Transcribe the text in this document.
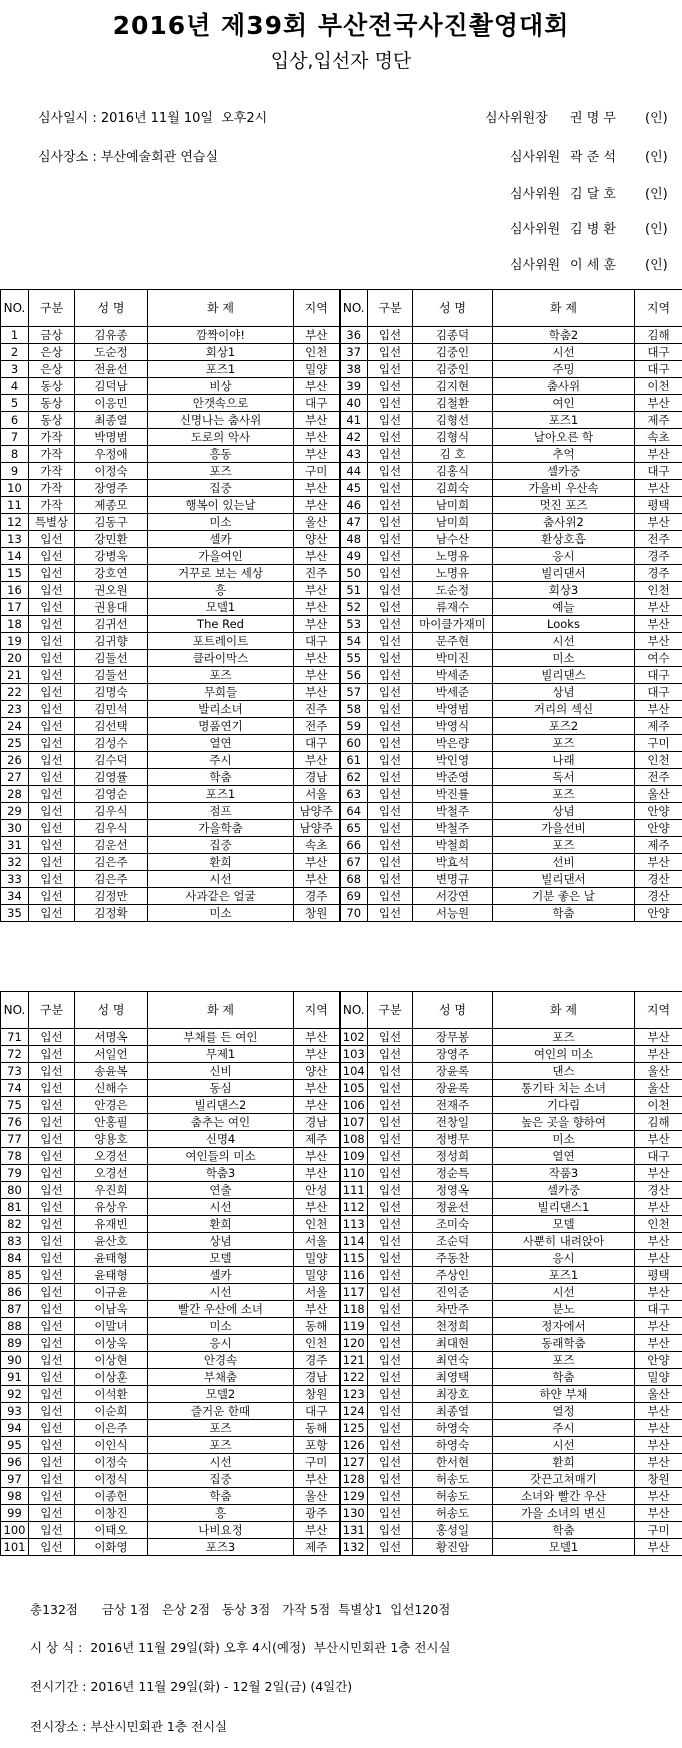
2016년 제39회 부산전국사진촬영대회
입상,입선자 명단
심사일시 : 2016년 11월 10일  오후2시
심사장소 : 부산예술회관 연습실
심사위원장 권 명 무 (인)
심사위원 곽 준 석 (인)
심사위원 김 달 호 (인)
심사위원 김 병 환 (인)
심사위원 이 세 훈 (인)
NO.	구분	성 명	화 제	지역	NO.	구분	성 명	화 제	지역
1	금상	김유종	깜짝이야!	부산	36	입선	김종덕	학춤2	김해
2	은상	도순정	회상1	인천	37	입선	김중인	시선	대구
3	은상	전윤선	포즈1	밀양	38	입선	김중인	주밍	대구
4	동상	김덕남	비상	부산	39	입선	김지현	춤사위	이천
5	동상	이응민	안갯속으로	대구	40	입선	김철환	여인	부산
6	동상	최종열	신명나는 춤사위	부산	41	입선	김형선	포즈1	제주
7	가작	박명범	도로의 악사	부산	42	입선	김형식	날아오른 학	속초
8	가작	우정애	흥동	부산	43	입선	김 호	추억	부산
9	가작	이정숙	포즈	구미	44	입선	김홍식	셀카중	대구
10	가작	장영주	집중	부산	45	입선	김희숙	가을비 우산속	부산
11	가작	제종모	행복이 있는날	부산	46	입선	남미희	멋진 포즈	평택
12	특별상	김동구	미소	울산	47	입선	남미희	춤사위2	부산
13	입선	강민환	셀카	양산	48	입선	남수산	환상호흡	전주
14	입선	강병욱	가을여인	부산	49	입선	노명유	응시	경주
15	입선	강호연	거꾸로 보는 세상	진주	50	입선	노명유	빌리댄서	경주
16	입선	권오원	흥	부산	51	입선	도순정	회상3	인천
17	입선	권용대	모델1	부산	52	입선	류재수	예늘	부산
18	입선	김귀선	The Red	부산	53	입선	마이클가재미	Looks	부산
19	입선	김귀향	포트레이트	대구	54	입선	문주현	시선	부산
20	입선	김둘선	클라이막스	부산	55	입선	박미진	미소	여수
21	입선	김둘선	포즈	부산	56	입선	박세준	빌리댄스	대구
22	입선	김명숙	무희들	부산	57	입선	박세준	상념	대구
23	입선	김민석	발리소녀	진주	58	입선	박영범	거리의 섹신	부산
24	입선	김선택	명품연기	전주	59	입선	박영식	포즈2	제주
25	입선	김성수	열연	대구	60	입선	박은량	포즈	구미
26	입선	김수덕	주시	부산	61	입선	박인영	나래	인천
27	입선	김영률	학춤	경남	62	입선	박준영	독서	전주
28	입선	김영순	포즈1	서울	63	입선	박진률	포즈	울산
29	입선	김우식	점프	남양주	64	입선	박철주	상념	안양
30	입선	김우식	가을학춤	남양주	65	입선	박철주	가을선비	안양
31	입선	김운선	집중	속초	66	입선	박철희	포즈	제주
32	입선	김은주	환희	부산	67	입선	박효석	선비	부산
33	입선	김은주	시선	부산	68	입선	변명규	빌리댄서	경산
34	입선	김정만	사과같은 얼굴	경주	69	입선	서강연	기분 좋은 날	경산
35	입선	김정확	미소	창원	70	입선	서능원	학춤	안양
NO.	구분	성 명	화 제	지역	NO.	구분	성 명	화 제	지역
71	입선	서명옥	부채를 든 여인	부산	102	입선	장무봉	포즈	부산
72	입선	서일언	무제1	부산	103	입선	장영주	여인의 미소	부산
73	입선	송윤복	신비	양산	104	입선	장윤록	댄스	울산
74	입선	신해수	동심	부산	105	입선	장윤록	통기타 치는 소녀	울산
75	입선	안경은	빌리댄스2	부산	106	입선	전재주	기다림	이천
76	입선	안홍필	춤추는 여인	경남	107	입선	전창일	높은 곳을 향하여	김해
77	입선	양용호	신명4	제주	108	입선	정병무	미소	부산
78	입선	오경선	여인들의 미소	부산	109	입선	정성희	열연	대구
79	입선	오경선	학춤3	부산	110	입선	정순특	작품3	부산
80	입선	우진희	연출	안성	111	입선	정영옥	셀카중	경산
81	입선	유상우	시선	부산	112	입선	정윤선	빌리댄스1	부산
82	입선	유재빈	환희	인천	113	입선	조미숙	모델	인천
83	입선	윤산호	상념	서울	114	입선	조순덕	사뿐히 내려앉아	부산
84	입선	윤태형	모델	밀양	115	입선	주동찬	응시	부산
85	입선	윤태형	셀카	밀양	116	입선	주상인	포즈1	평택
86	입선	이규윤	시선	서울	117	입선	진익준	시선	부산
87	입선	이남욱	빨간 우산에 소녀	부산	118	입선	차만주	분노	대구
88	입선	이말녀	미소	동해	119	입선	천정희	정자에서	부산
89	입선	이상욱	응시	인천	120	입선	최대현	동래학춤	부산
90	입선	이상현	안경속	경주	121	입선	최연숙	포즈	안양
91	입선	이상훈	부채춤	경남	122	입선	최영택	학춤	밀양
92	입선	이석환	모델2	창원	123	입선	최장호	하얀 부채	울산
93	입선	이순희	즐거운 한때	대구	124	입선	최종열	열정	부산
94	입선	이은주	포즈	동해	125	입선	하영숙	주시	부산
95	입선	이인식	포즈	포항	126	입선	하영숙	시선	부산
96	입선	이정숙	시선	구미	127	입선	한서현	환희	부산
97	입선	이정식	집중	부산	128	입선	허송도	갓끈고쳐매기	창원
98	입선	이종헌	학춤	울산	129	입선	허송도	소녀와 빨간 우산	부산
99	입선	이창진	흥	광주	130	입선	허송도	가을 소녀의 변신	부산
100	입선	이태오	나비요정	부산	131	입선	홍성일	학춤	구미
101	입선	이화영	포즈3	제주	132	입선	황진암	모델1	부산
총132점      금상 1점   은상 2점   동상 3점   가작 5점  특별상1  입선120점
시 상 식 :  2016년 11월 29일(화) 오후 4시(예정)  부산시민회관 1층 전시실
전시기간 : 2016년 11월 29일(화) - 12월 2일(금) (4일간)
전시장소 : 부산시민회관 1층 전시실
